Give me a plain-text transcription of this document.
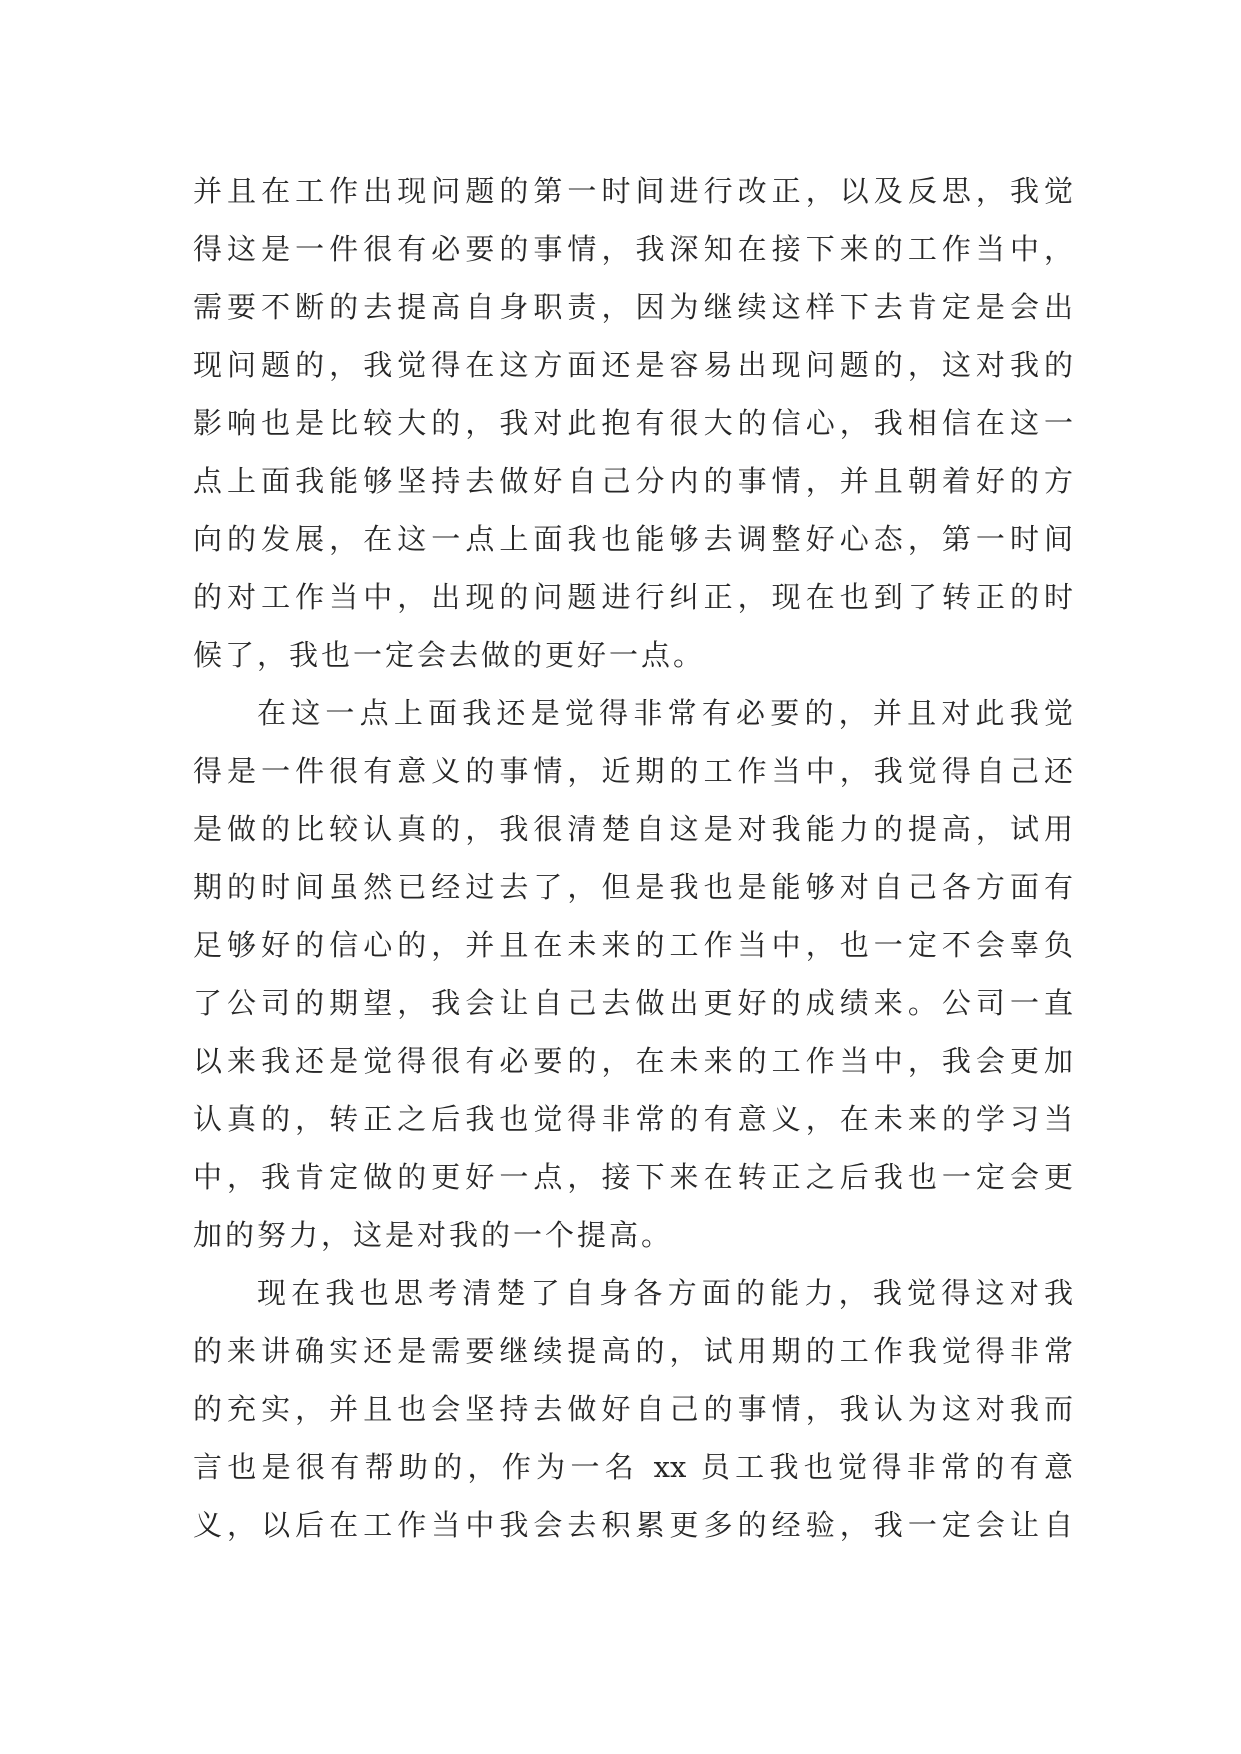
并且在工作出现问题的第一时间进行改正，以及反思，我觉
得这是一件很有必要的事情，我深知在接下来的工作当中，
需要不断的去提高自身职责，因为继续这样下去肯定是会出
现问题的，我觉得在这方面还是容易出现问题的，这对我的
影响也是比较大的，我对此抱有很大的信心，我相信在这一
点上面我能够坚持去做好自己分内的事情，并且朝着好的方
向的发展，在这一点上面我也能够去调整好心态，第一时间
的对工作当中，出现的问题进行纠正，现在也到了转正的时
候了，我也一定会去做的更好一点。
在这一点上面我还是觉得非常有必要的，并且对此我觉
得是一件很有意义的事情，近期的工作当中，我觉得自己还
是做的比较认真的，我很清楚自这是对我能力的提高，试用
期的时间虽然已经过去了，但是我也是能够对自己各方面有
足够好的信心的，并且在未来的工作当中，也一定不会辜负
了公司的期望，我会让自己去做出更好的成绩来。公司一直
以来我还是觉得很有必要的，在未来的工作当中，我会更加
认真的，转正之后我也觉得非常的有意义，在未来的学习当
中，我肯定做的更好一点，接下来在转正之后我也一定会更
加的努力，这是对我的一个提高。
现在我也思考清楚了自身各方面的能力，我觉得这对我
的来讲确实还是需要继续提高的，试用期的工作我觉得非常
的充实，并且也会坚持去做好自己的事情，我认为这对我而
言也是很有帮助的，作为一名 xx 员工我也觉得非常的有意
义，以后在工作当中我会去积累更多的经验，我一定会让自
